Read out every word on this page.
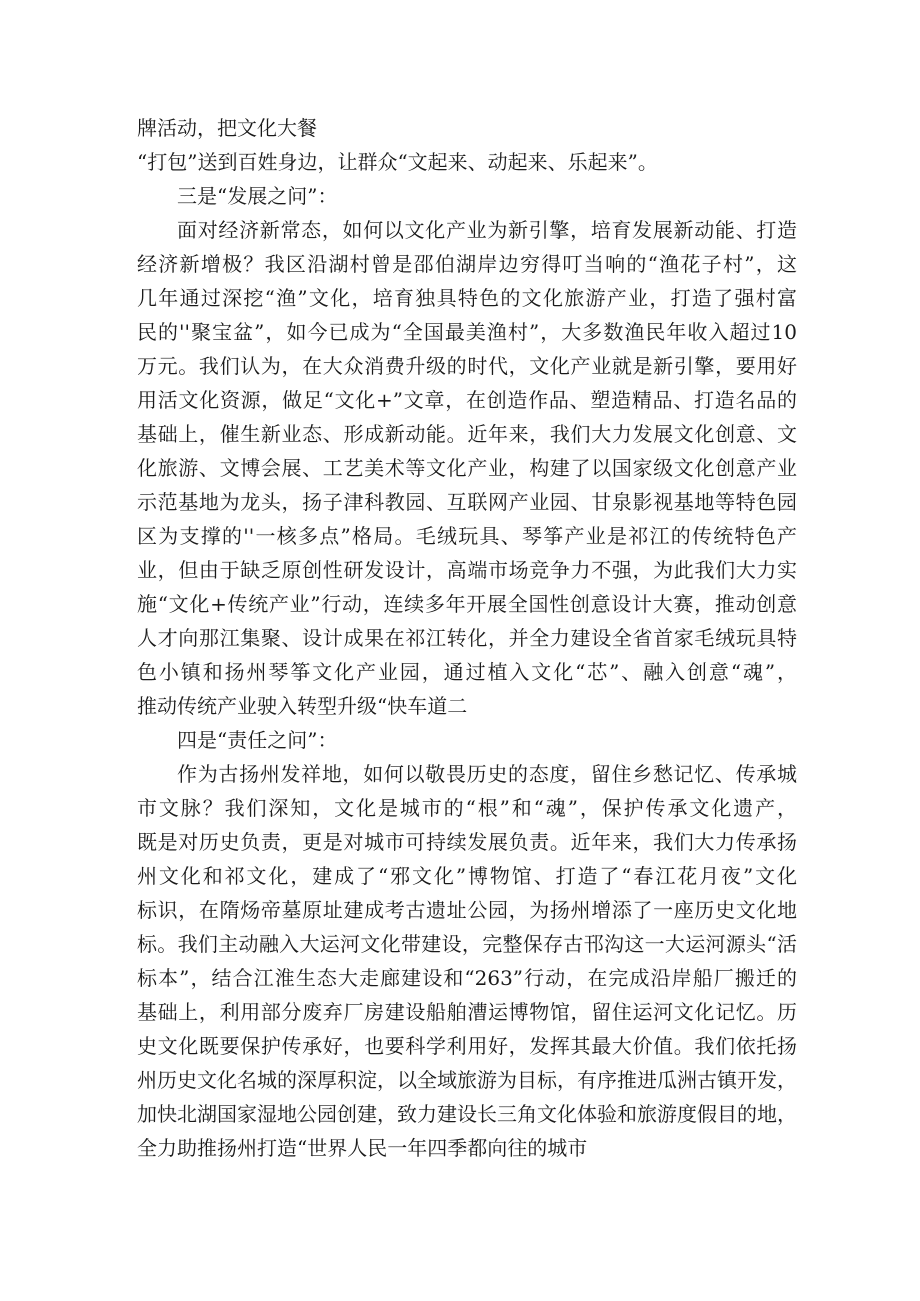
牌活动，把文化大餐
“打包”送到百姓身边，让群众“文起来、动起来、乐起来”。
三是“发展之问”：
面对经济新常态，如何以文化产业为新引擎，培育发展新动能、打造
经济新增极？我区沿湖村曾是邵伯湖岸边穷得叮当响的“渔花子村”，这
几年通过深挖“渔”文化，培育独具特色的文化旅游产业，打造了强村富
民的''聚宝盆”，如今已成为“全国最美渔村”，大多数渔民年收入超过10
万元。我们认为，在大众消费升级的时代，文化产业就是新引擎，要用好
用活文化资源，做足“文化+”文章，在创造作品、塑造精品、打造名品的
基础上，催生新业态、形成新动能。近年来，我们大力发展文化创意、文
化旅游、文博会展、工艺美术等文化产业，构建了以国家级文化创意产业
示范基地为龙头，扬子津科教园、互联网产业园、甘泉影视基地等特色园
区为支撑的''一核多点”格局。毛绒玩具、琴筝产业是祁江的传统特色产
业，但由于缺乏原创性研发设计，高端市场竞争力不强，为此我们大力实
施“文化+传统产业”行动，连续多年开展全国性创意设计大赛，推动创意
人才向那江集聚、设计成果在祁江转化，并全力建设全省首家毛绒玩具特
色小镇和扬州琴筝文化产业园，通过植入文化“芯”、融入创意“魂”，
推动传统产业驶入转型升级“快车道二
四是“责任之问”：
作为古扬州发祥地，如何以敬畏历史的态度，留住乡愁记忆、传承城
市文脉？我们深知，文化是城市的“根”和“魂”，保护传承文化遗产，
既是对历史负责，更是对城市可持续发展负责。近年来，我们大力传承扬
州文化和祁文化，建成了“邪文化”博物馆、打造了“春江花月夜”文化
标识，在隋炀帝墓原址建成考古遗址公园，为扬州增添了一座历史文化地
标。我们主动融入大运河文化带建设，完整保存古邗沟这一大运河源头“活
标本”，结合江淮生态大走廊建设和“263”行动，在完成沿岸船厂搬迁的
基础上，利用部分废弃厂房建设船舶漕运博物馆，留住运河文化记忆。历
史文化既要保护传承好，也要科学利用好，发挥其最大价值。我们依托扬
州历史文化名城的深厚积淀，以全域旅游为目标，有序推进瓜洲古镇开发，
加快北湖国家湿地公园创建，致力建设长三角文化体验和旅游度假目的地，
全力助推扬州打造“世界人民一年四季都向往的城市
